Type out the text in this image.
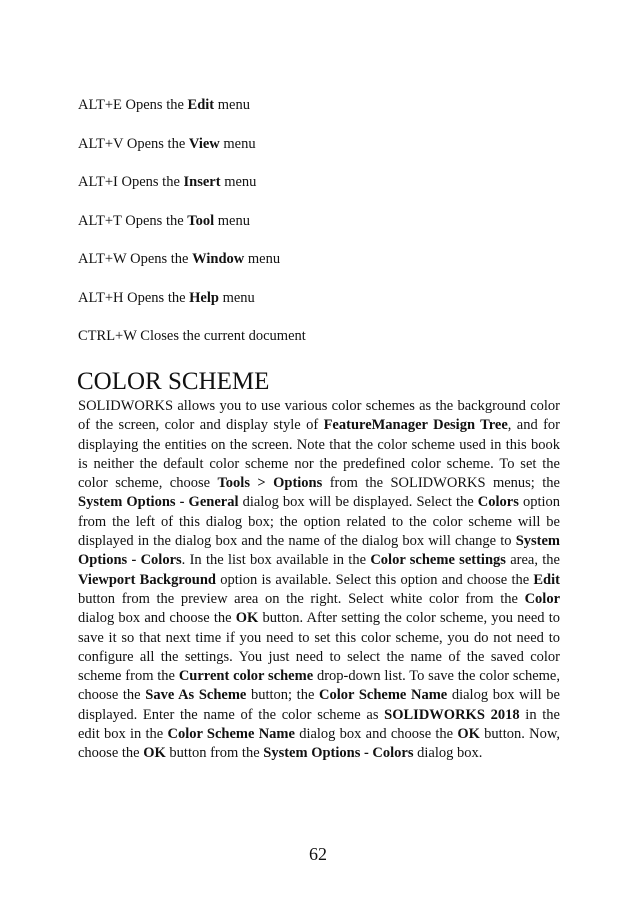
ALT+E Opens the Edit menu

ALT+V Opens the View menu

ALT+I Opens the Insert menu

ALT+T Opens the Tool menu

ALT+W Opens the Window menu

ALT+H Opens the Help menu

CTRL+W Closes the current document

COLOR SCHEME

SOLIDWORKS allows you to use various color schemes as the background color of the screen, color and display style of FeatureManager Design Tree, and for displaying the entities on the screen. Note that the color scheme used in this book is neither the default color scheme nor the predefined color scheme. To set the color scheme, choose Tools > Options from the SOLIDWORKS menus; the System Options - General dialog box will be displayed. Select the Colors option from the left of this dialog box; the option related to the color scheme will be displayed in the dialog box and the name of the dialog box will change to System Options - Colors. In the list box available in the Color scheme settings area, the Viewport Background option is available. Select this option and choose the Edit button from the preview area on the right. Select white color from the Color dialog box and choose the OK button. After setting the color scheme, you need to save it so that next time if you need to set this color scheme, you do not need to configure all the settings. You just need to select the name of the saved color scheme from the Current color scheme drop-down list. To save the color scheme, choose the Save As Scheme button; the Color Scheme Name dialog box will be displayed. Enter the name of the color scheme as SOLIDWORKS 2018 in the edit box in the Color Scheme Name dialog box and choose the OK button. Now, choose the OK button from the System Options - Colors dialog box.

62
